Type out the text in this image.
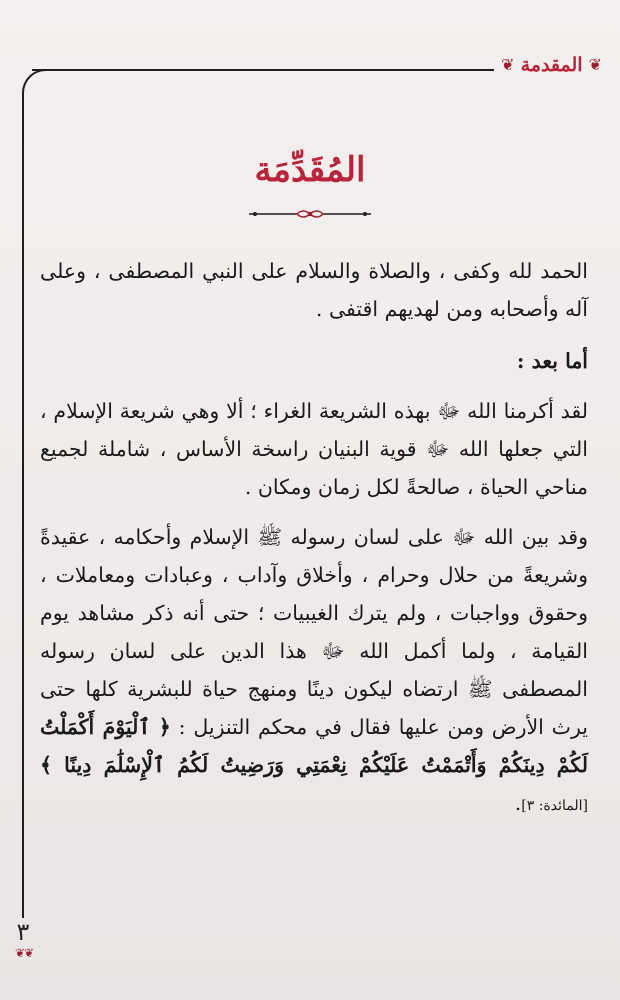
❦
المقدمة
❦
المُقَدِّمَة

الحمد لله وكفى ، والصلاة والسلام على النبي المصطفى ، وعلى آله وأصحابه ومن لهديهم اقتفى .

أما بعد :

لقد أكرمنا الله ﷻ بهذه الشريعة الغراء ؛ ألا وهي شريعة الإسلام ، التي جعلها الله ﷻ قوية البنيان راسخة الأساس ، شاملة لجميع مناحي الحياة ، صالحةً لكل زمان ومكان .

وقد بين الله ﷻ على لسان رسوله ﷺ الإسلام وأحكامه ، عقيدةً وشريعةً من حلال وحرام ، وأخلاق وآداب ، وعبادات ومعاملات ، وحقوق وواجبات ، ولم يترك الغيبيات ؛ حتى أنه ذكر مشاهد يوم القيامة ، ولما أكمل الله ﷻ هذا الدين على لسان رسوله المصطفى ﷺ ارتضاه ليكون دينًا ومنهج حياة للبشرية كلها حتى يرث الأرض ومن عليها فقال في محكم التنزيل : ﴿ ٱلْيَوْمَ أَكْمَلْتُ لَكُمْ دِينَكُمْ وَأَتْمَمْتُ عَلَيْكُمْ نِعْمَتِي وَرَضِيتُ لَكُمُ ٱلْإِسْلَٰمَ دِينًا ﴾ [المائدة: ٣].

٣
❦❦
